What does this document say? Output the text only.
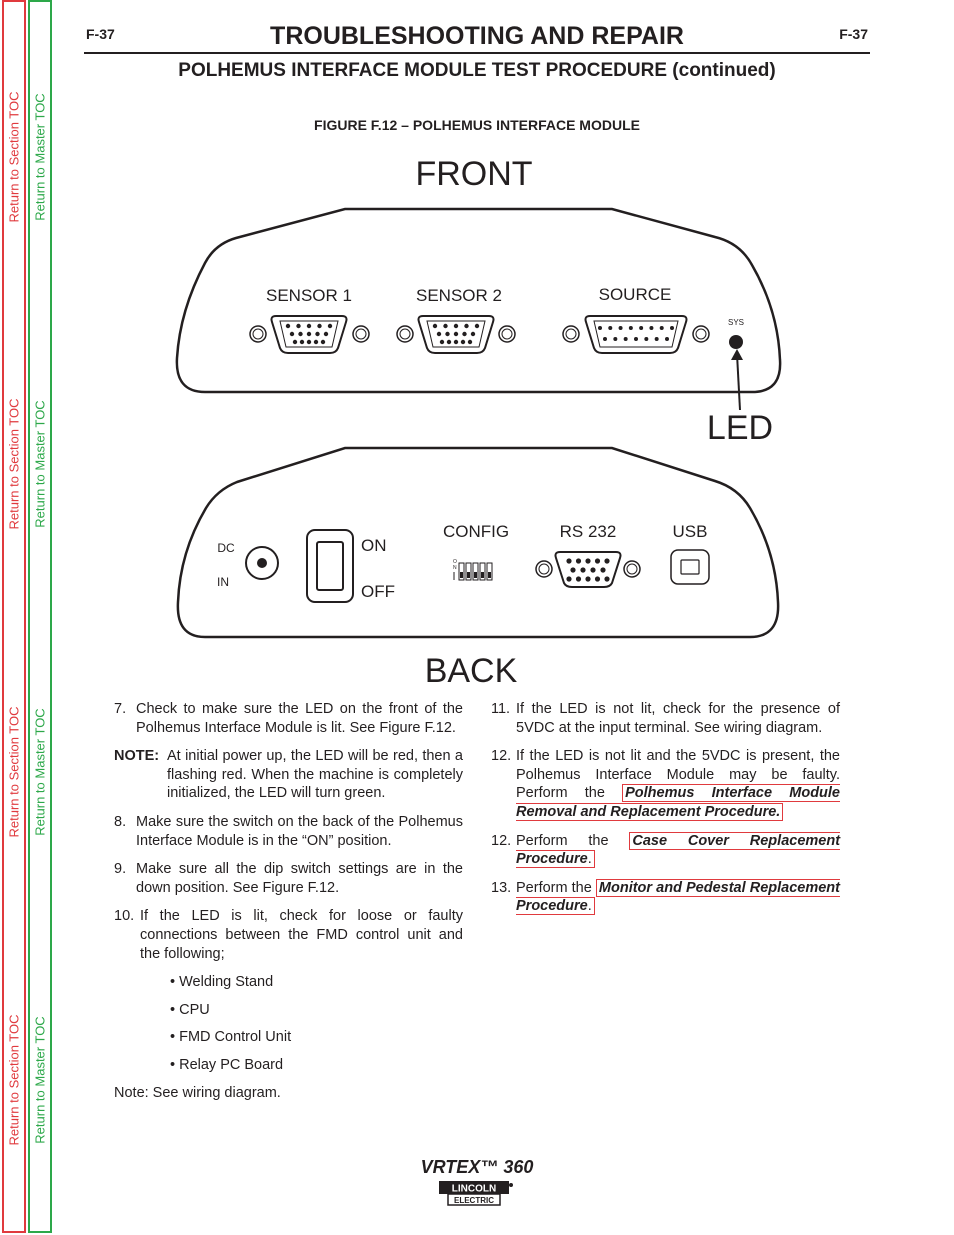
Return to Section TOC
Return to Section TOC
Return to Section TOC
Return to Section TOC
Return to Master TOC
Return to Master TOC
Return to Master TOC
Return to Master TOC
F-37	F-37
TROUBLESHOOTING AND REPAIR
POLHEMUS INTERFACE MODULE TEST PROCEDURE (continued)
FIGURE F.12 – POLHEMUS INTERFACE MODULE
FRONT
SENSOR 1	SENSOR 2	SOURCE
SYS
LED
DC
IN
ON
OFF
CONFIG
O
N
RS 232	USB
BACK
7. Check to make sure the LED on the front of the Polhemus Interface Module is lit. See Figure F.12.
NOTE: At initial power up, the LED will be red, then a flashing red. When the machine is completely initialized, the LED will turn green.
8. Make sure the switch on the back of the Polhemus Interface Module is in the “ON” position.
9. Make sure all the dip switch settings are in the down position. See Figure F.12.
10. If the LED is lit, check for loose or faulty connections between the FMD control unit and the following;
• Welding Stand
• CPU
• FMD Control Unit
• Relay PC Board
Note: See wiring diagram.
11. If the LED is not lit, check for the presence of 5VDC at the input terminal. See wiring diagram.
12. If the LED is not lit and the 5VDC is present, the Polhemus Interface Module may be faulty. Perform the Polhemus Interface Module Removal and Replacement Procedure.
12. Perform the Case Cover Replacement Procedure.
13. Perform the Monitor and Pedestal Replacement Procedure.
VRTEX™ 360
LINCOLN
ELECTRIC
